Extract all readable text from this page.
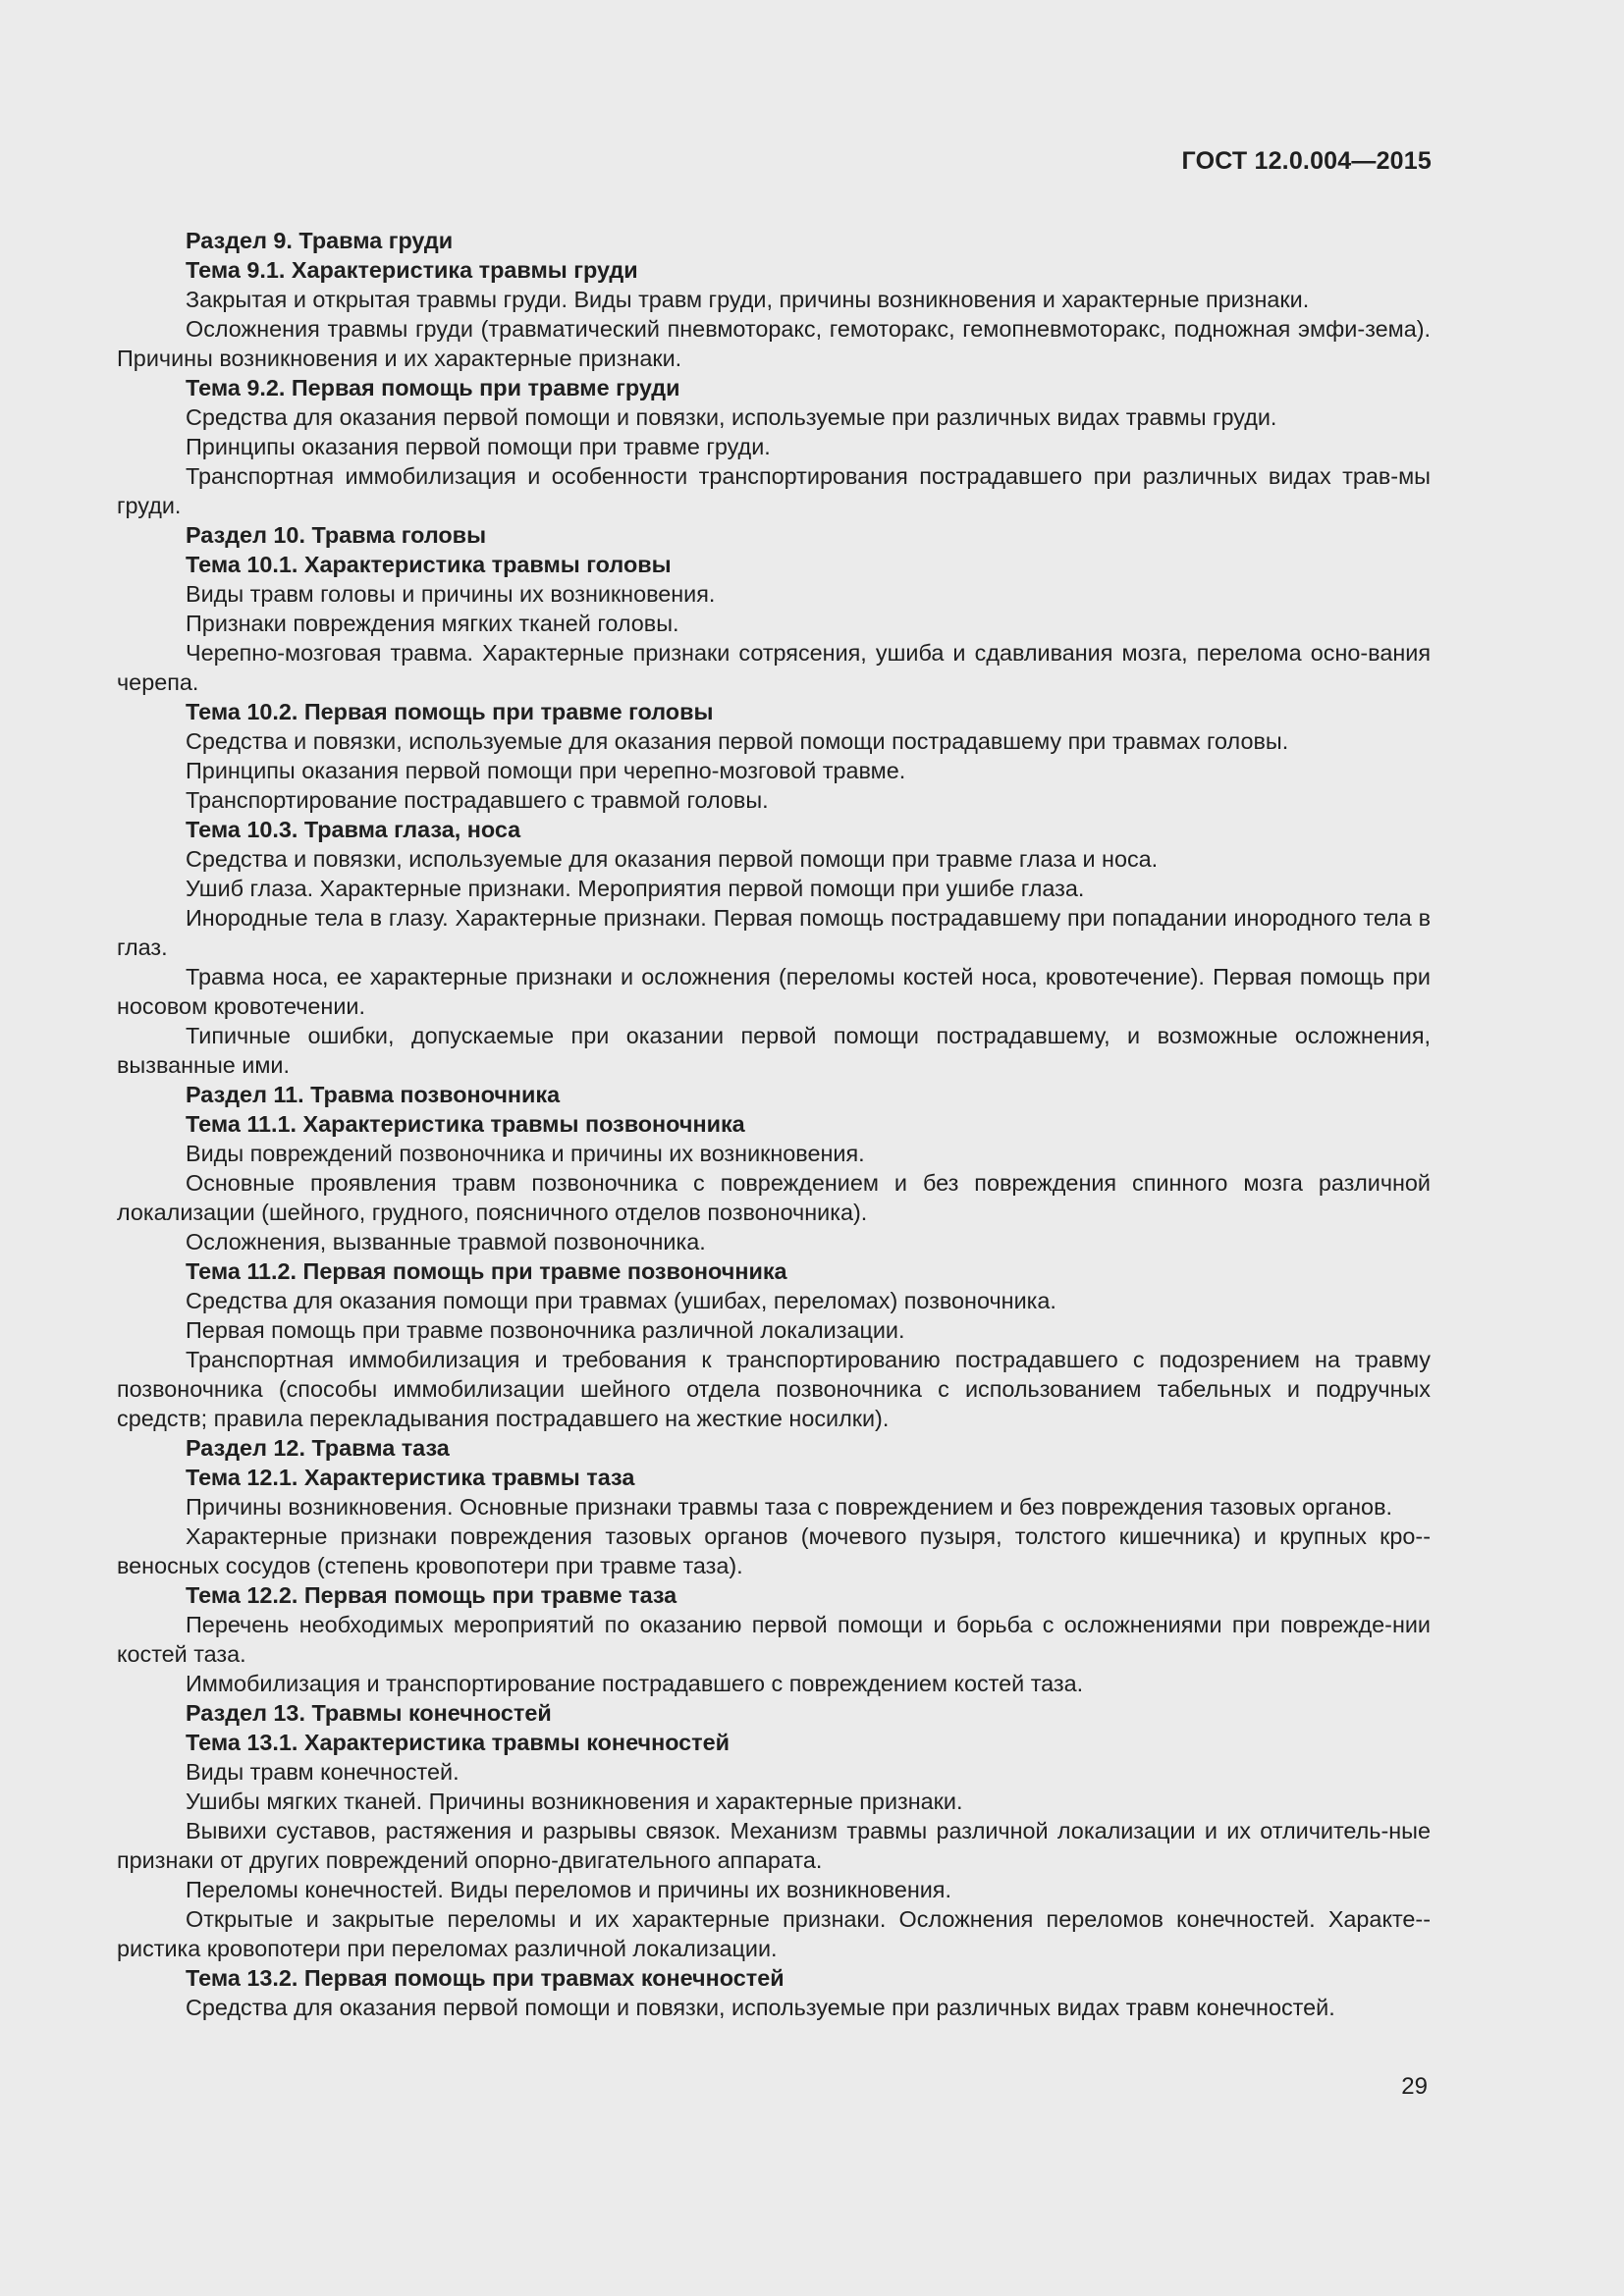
ГОСТ 12.0.004—2015

Раздел 9. Травма груди

Тема 9.1. Характеристика травмы груди

Закрытая и открытая травмы груди. Виды травм груди, причины возникновения и характерные признаки.

Осложнения травмы груди (травматический пневмоторакс, гемоторакс, гемопневмоторакс, подножная эмфи-зема). Причины возникновения и их характерные признаки.

Тема 9.2. Первая помощь при травме груди

Средства для оказания первой помощи и повязки, используемые при различных видах травмы груди.

Принципы оказания первой помощи при травме груди.

Транспортная иммобилизация и особенности транспортирования пострадавшего при различных видах трав-мы груди.

Раздел 10. Травма головы

Тема 10.1. Характеристика травмы головы

Виды травм головы и причины их возникновения.

Признаки повреждения мягких тканей головы.

Черепно-мозговая травма. Характерные признаки сотрясения, ушиба и сдавливания мозга, перелома осно-вания черепа.

Тема 10.2. Первая помощь при травме головы

Средства и повязки, используемые для оказания первой помощи пострадавшему при травмах головы.

Принципы оказания первой помощи при черепно-мозговой травме.

Транспортирование пострадавшего с травмой головы.

Тема 10.3. Травма глаза, носа

Средства и повязки, используемые для оказания первой помощи при травме глаза и носа.

Ушиб глаза. Характерные признаки. Мероприятия первой помощи при ушибе глаза.

Инородные тела в глазу. Характерные признаки. Первая помощь пострадавшему при попадании инородного тела в глаз.

Травма носа, ее характерные признаки и осложнения (переломы костей носа, кровотечение). Первая помощь при носовом кровотечении.

Типичные ошибки, допускаемые при оказании первой помощи пострадавшему, и возможные осложнения, вызванные ими.

Раздел 11. Травма позвоночника

Тема 11.1. Характеристика травмы позвоночника

Виды повреждений позвоночника и причины их возникновения.

Основные проявления травм позвоночника с повреждением и без повреждения спинного мозга различной локализации (шейного, грудного, поясничного отделов позвоночника).

Осложнения, вызванные травмой позвоночника.

Тема 11.2. Первая помощь при травме позвоночника

Средства для оказания помощи при травмах (ушибах, переломах) позвоночника.

Первая помощь при травме позвоночника различной локализации.

Транспортная иммобилизация и требования к транспортированию пострадавшего с подозрением на травму позвоночника (способы иммобилизации шейного отдела позвоночника с использованием табельных и подручных средств; правила перекладывания пострадавшего на жесткие носилки).

Раздел 12. Травма таза

Тема 12.1. Характеристика травмы таза

Причины возникновения. Основные признаки травмы таза с повреждением и без повреждения тазовых органов.

Характерные признаки повреждения тазовых органов (мочевого пузыря, толстого кишечника) и крупных кро-веносных сосудов (степень кровопотери при травме таза).

Тема 12.2. Первая помощь при травме таза

Перечень необходимых мероприятий по оказанию первой помощи и борьба с осложнениями при поврежде-нии костей таза.

Иммобилизация и транспортирование пострадавшего с повреждением костей таза.

Раздел 13. Травмы конечностей

Тема 13.1. Характеристика травмы конечностей

Виды травм конечностей.

Ушибы мягких тканей. Причины возникновения и характерные признаки.

Вывихи суставов, растяжения и разрывы связок. Механизм травмы различной локализации и их отличитель-ные признаки от других повреждений опорно-двигательного аппарата.

Переломы конечностей. Виды переломов и причины их возникновения.

Открытые и закрытые переломы и их характерные признаки. Осложнения переломов конечностей. Характе-ристика кровопотери при переломах различной локализации.

Тема 13.2. Первая помощь при травмах конечностей

Средства для оказания первой помощи и повязки, используемые при различных видах травм конечностей.

29
